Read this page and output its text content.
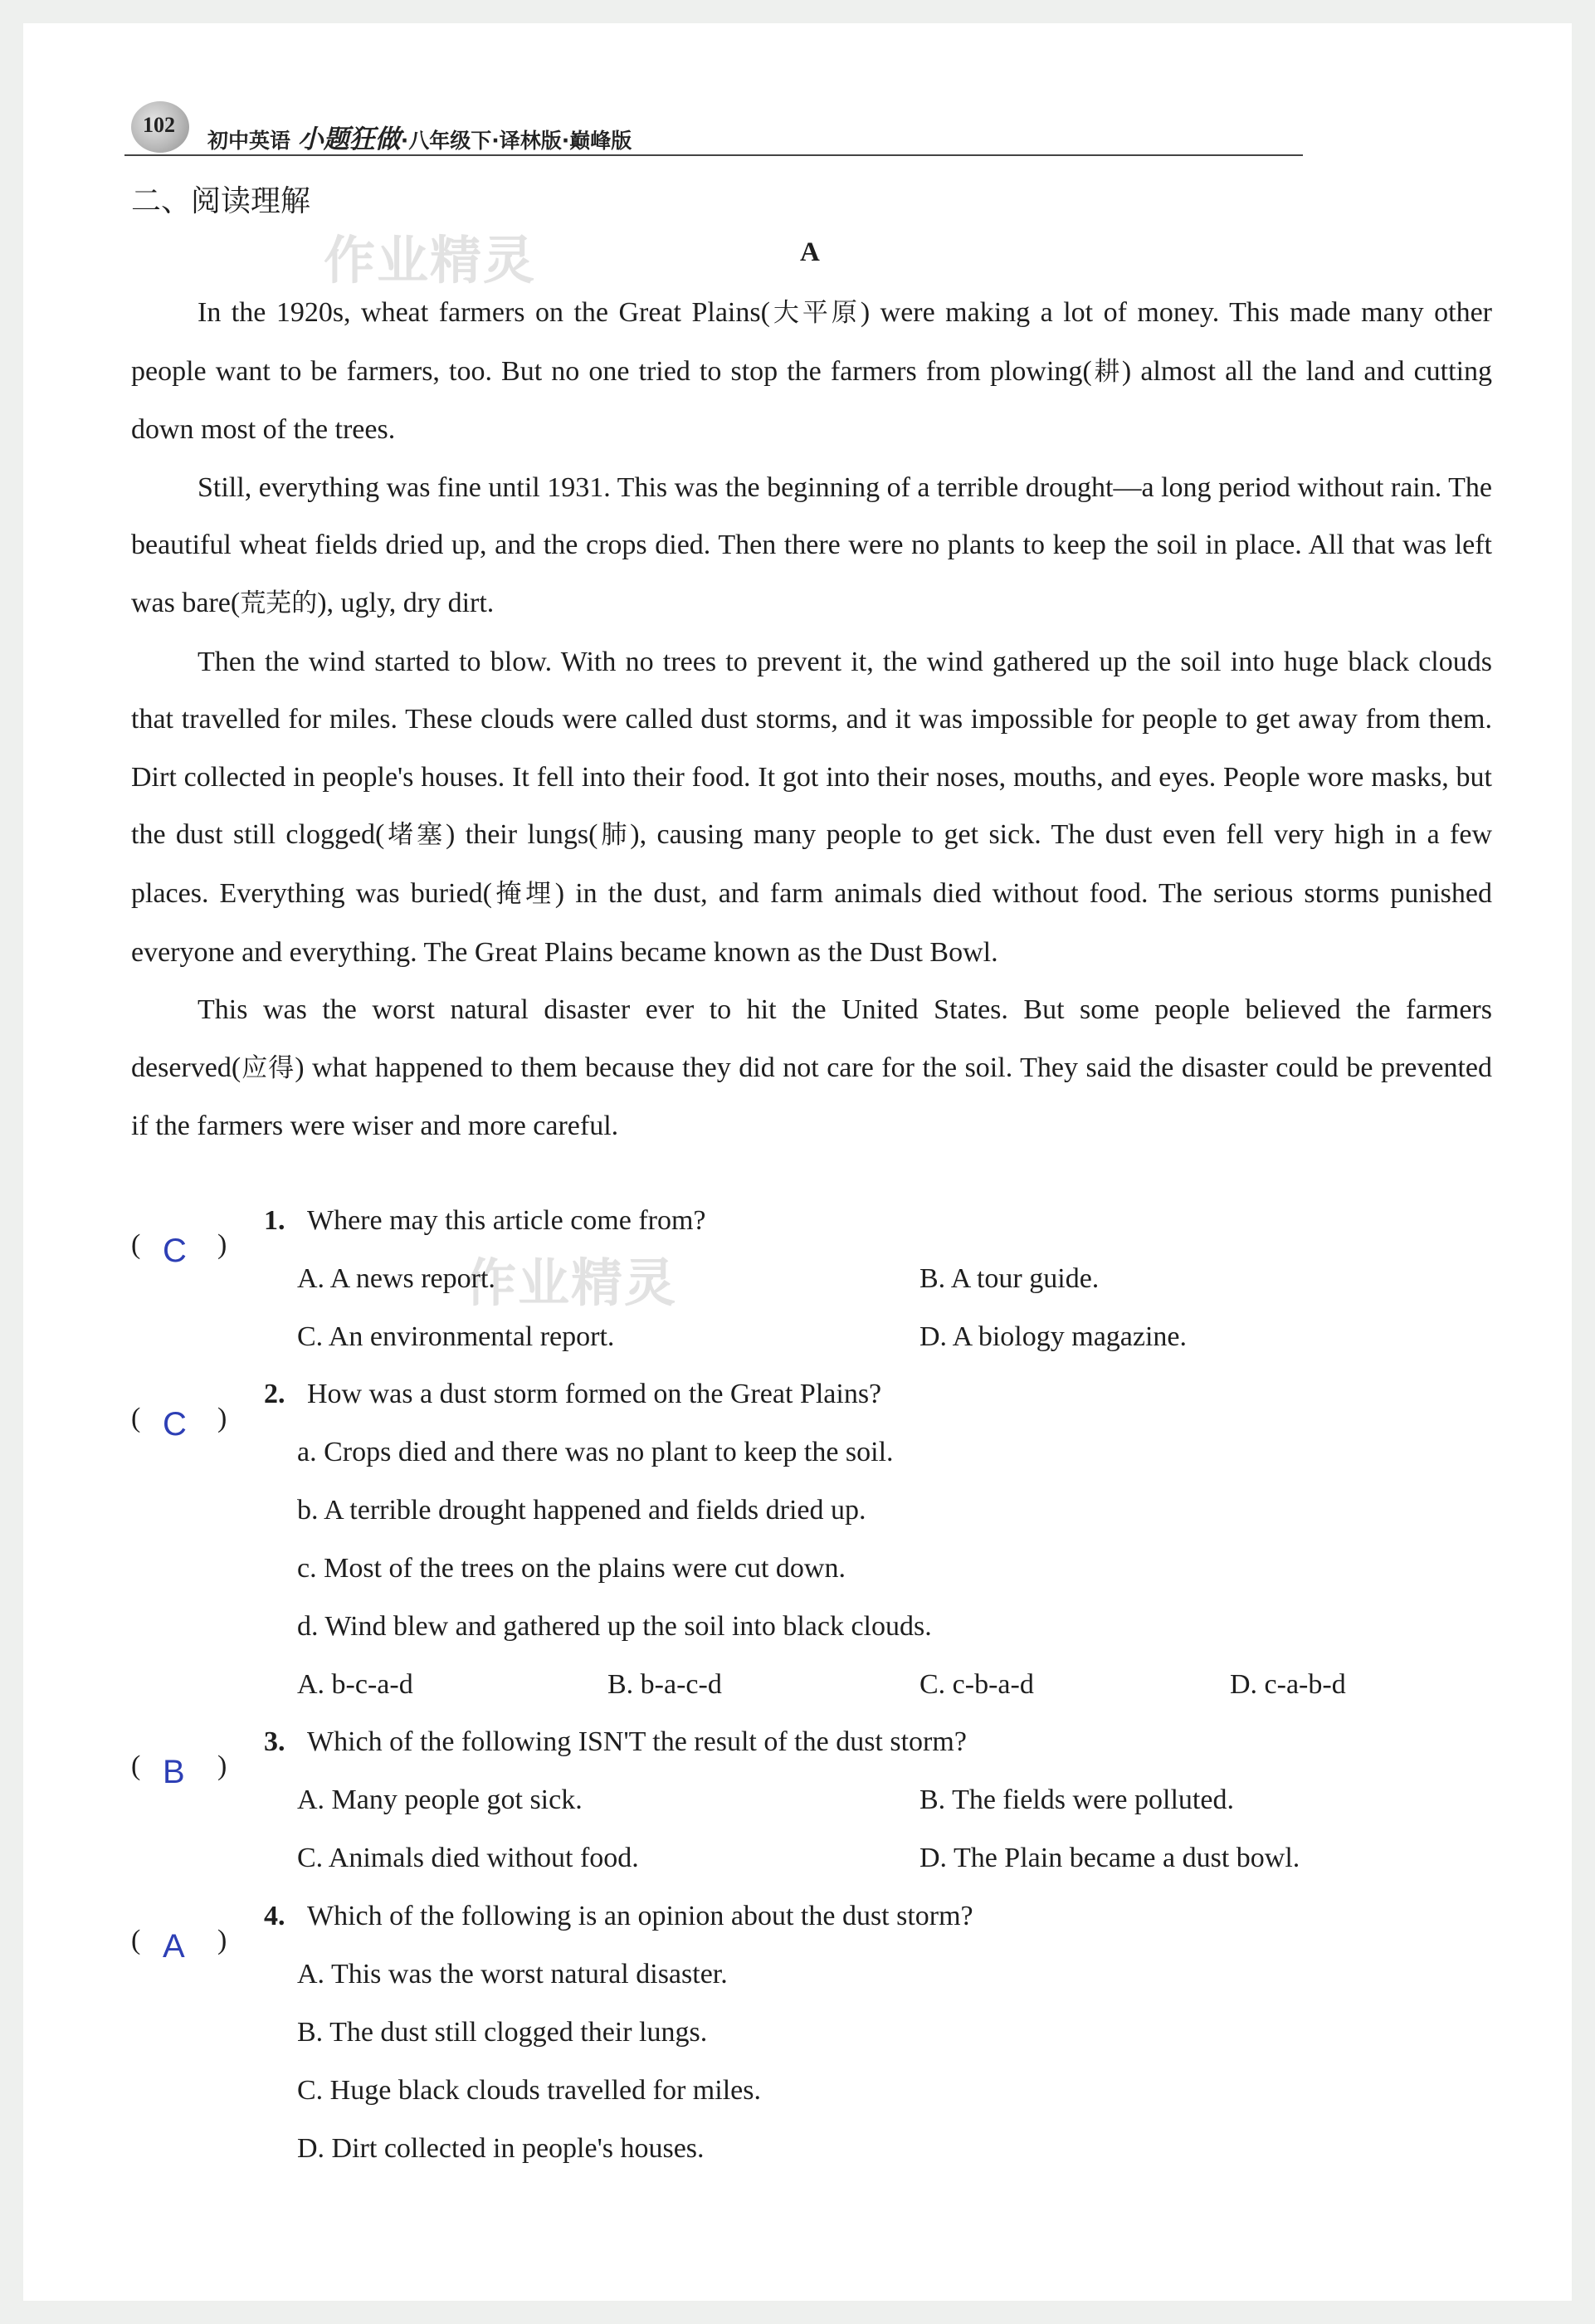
102
初中英语 小题狂做·八年级下·译林版·巅峰版
二、阅读理解
作业精灵
作业精灵
A

In the 1920s, wheat farmers on the Great Plains(大平原) were making a lot of money. This made many other people want to be farmers, too. But no one tried to stop the farmers from plowing(耕) almost all the land and cutting down most of the trees.

Still, everything was fine until 1931. This was the beginning of a terrible drought—a long period without rain. The beautiful wheat fields dried up, and the crops died. Then there were no plants to keep the soil in place. All that was left was bare(荒芜的), ugly, dry dirt.

Then the wind started to blow. With no trees to prevent it, the wind gathered up the soil into huge black clouds that travelled for miles. These clouds were called dust storms, and it was impossible for people to get away from them. Dirt collected in people's houses. It fell into their food. It got into their noses, mouths, and eyes. People wore masks, but the dust still clogged(堵塞) their lungs(肺), causing many people to get sick. The dust even fell very high in a few places. Everything was buried(掩埋) in the dust, and farm animals died without food. The serious storms punished everyone and everything. The Great Plains became known as the Dust Bowl.

This was the worst natural disaster ever to hit the United States. But some people believed the farmers deserved(应得) what happened to them because they did not care for the soil. They said the disaster could be prevented if the farmers were wiser and more careful.

( C )
1. Where may this article come from?
A. A news report.	B. A tour guide.
C. An environmental report.	D. A biology magazine.
( C )
2. How was a dust storm formed on the Great Plains?
a. Crops died and there was no plant to keep the soil.
b. A terrible drought happened and fields dried up.
c. Most of the trees on the plains were cut down.
d. Wind blew and gathered up the soil into black clouds.
A. b-c-a-d	B. b-a-c-d	C. c-b-a-d	D. c-a-b-d
( B )
3. Which of the following ISN'T the result of the dust storm?
A. Many people got sick.	B. The fields were polluted.
C. Animals died without food.	D. The Plain became a dust bowl.
( A )
4. Which of the following is an opinion about the dust storm?
A. This was the worst natural disaster.
B. The dust still clogged their lungs.
C. Huge black clouds travelled for miles.
D. Dirt collected in people's houses.
